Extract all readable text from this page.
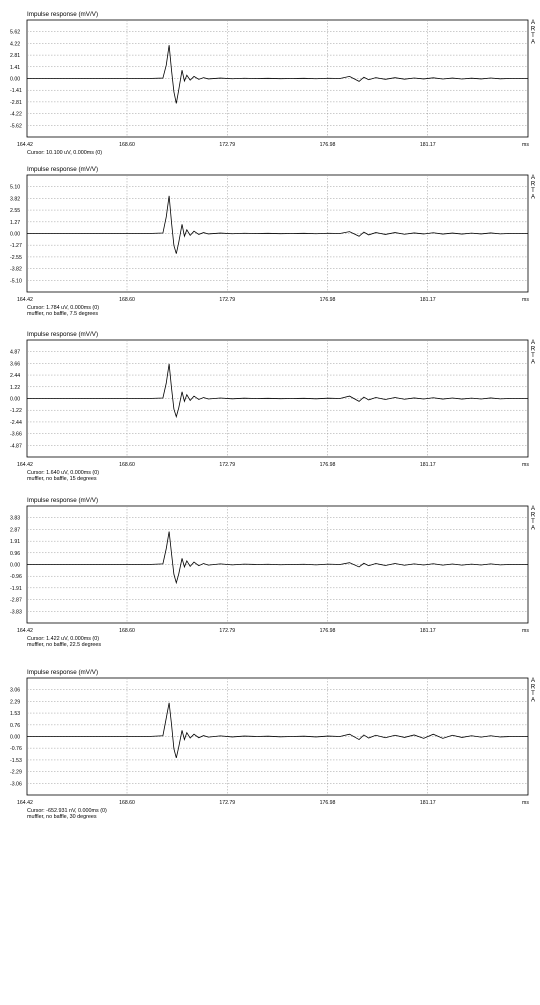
Impulse response (mV/V)
A
R
T
A
5.62
4.22
2.81
1.41
0.00
-1.41
-2.81
-4.22
-5.62
164.42	168.60	172.79	176.98	181.17	ms
Cursor: 10.100 uV, 0.000ms (0)
Impulse response (mV/V)
A
R
T
A
5.10
3.82
2.55
1.27
0.00
-1.27
-2.55
-3.82
-5.10
164.42	168.60	172.79	176.98	181.17	ms
Cursor: 1.784 uV, 0.000ms (0)
muffler, no baffle, 7.5 degrees
Impulse response (mV/V)
A
R
T
A
4.87
3.66
2.44
1.22
0.00
-1.22
-2.44
-3.66
-4.87
164.42	168.60	172.79	176.98	181.17	ms
Cursor: 1.640 uV, 0.000ms (0)
muffler, no baffle, 15 degrees
Impulse response (mV/V)
A
R
T
A
3.83
2.87
1.91
0.96
0.00
-0.96
-1.91
-2.87
-3.83
164.42	168.60	172.79	176.98	181.17	ms
Cursor: 1.422 uV, 0.000ms (0)
muffler, no baffle, 22.5 degrees
Impulse response (mV/V)
A
R
T
A
3.06
2.29
1.53
0.76
0.00
-0.76
-1.53
-2.29
-3.06
164.42	168.60	172.79	176.98	181.17	ms
Cursor: -652.931 nV, 0.000ms (0)
muffler, no baffle, 30 degrees
